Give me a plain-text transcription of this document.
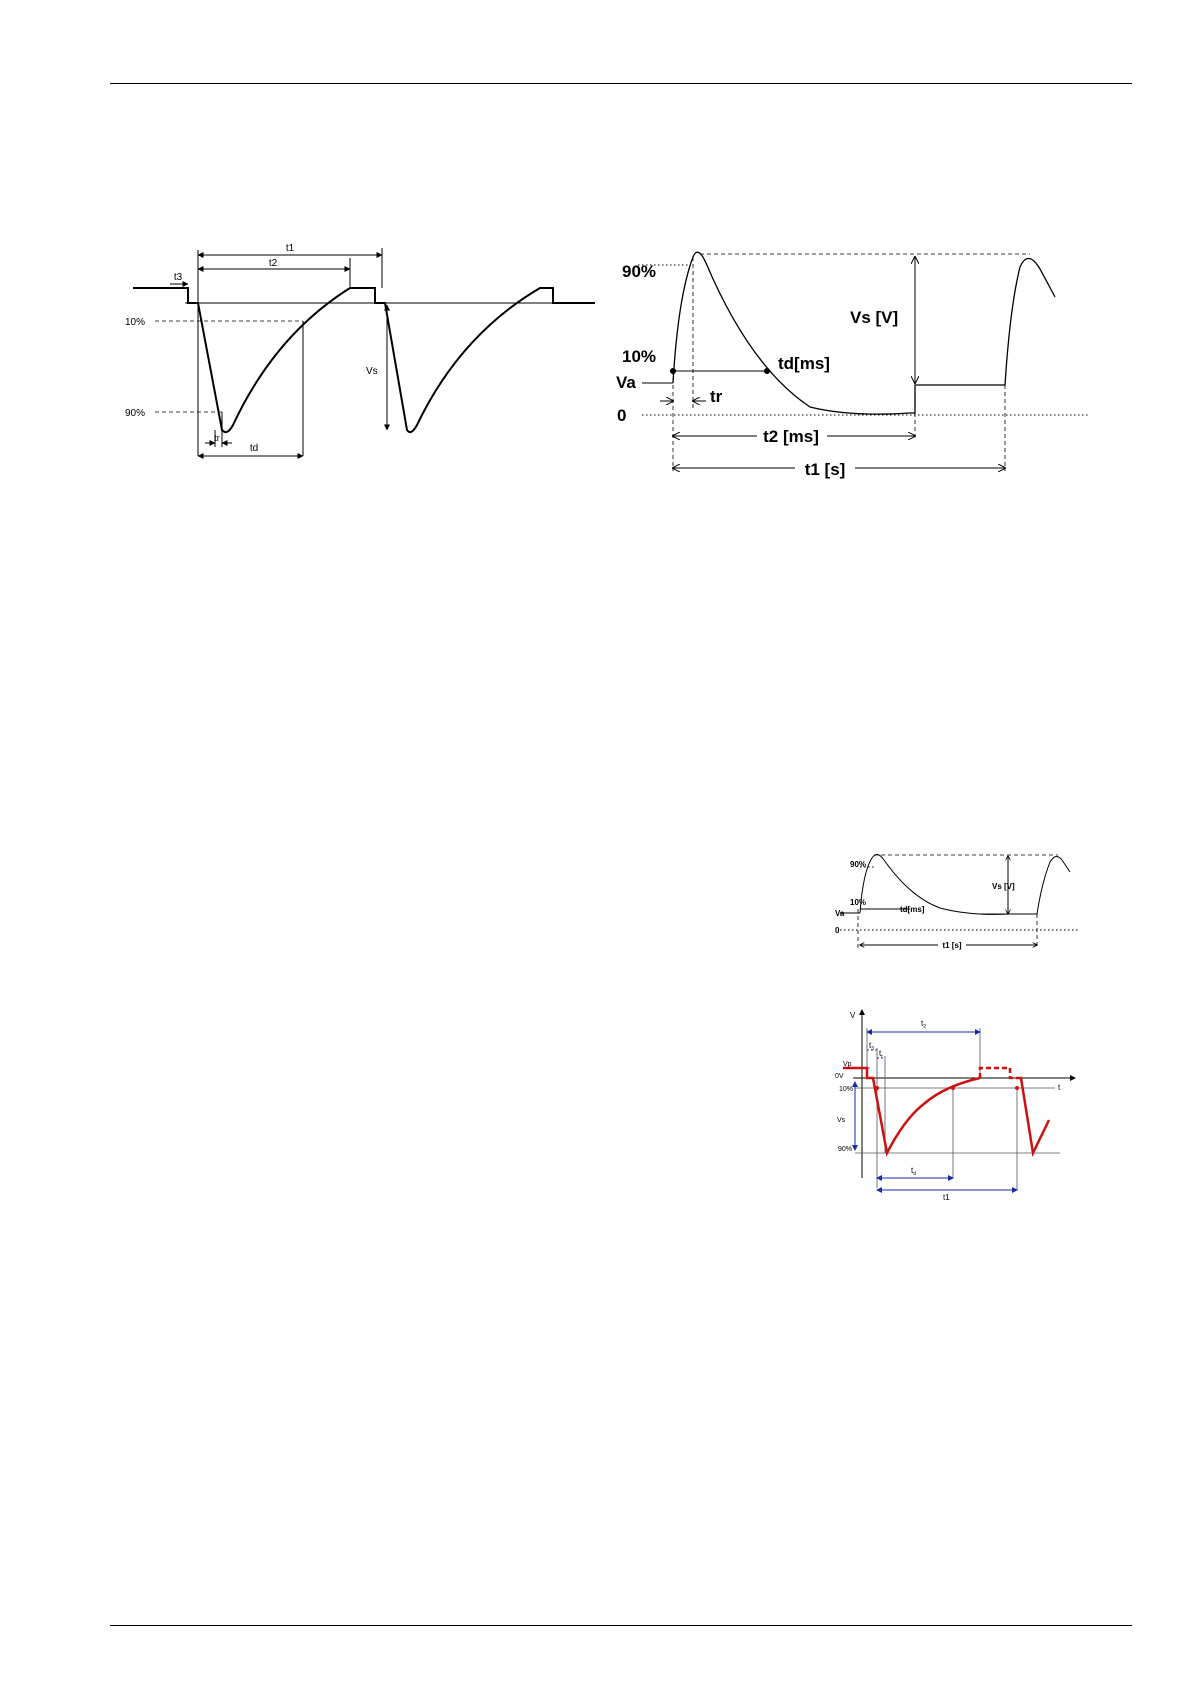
t1
t2
t3
10%
90%
Vs
tr
td
90%
10%
Va
0
Vs [V]
td[ms]
tr
t2 [ms]
t1 [s]
90%
10%
Va
0
Vs [V]
td[ms]
t1 [s]
V
t
Vp
0V
10%
Vs
90%
$t_2$
$t_3$ $t_r$
$t_d$
t1
